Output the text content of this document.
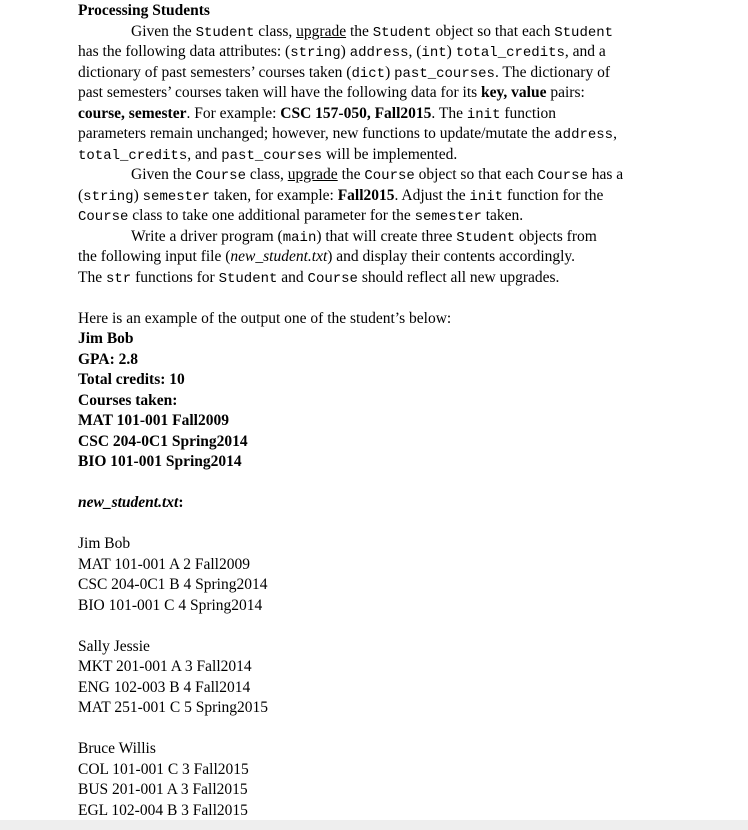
Processing Students
Given the Student class, upgrade the Student object so that each Student
has the following data attributes: (string) address, (int) total_credits, and a
dictionary of past semesters’ courses taken (dict) past_courses. The dictionary of
past semesters’ courses taken will have the following data for its key, value pairs:
course, semester. For example: CSC 157-050, Fall2015. The init function
parameters remain unchanged; however, new functions to update/mutate the address,
total_credits, and past_courses will be implemented.
Given the Course class, upgrade the Course object so that each Course has a
(string) semester taken, for example: Fall2015. Adjust the init function for the
Course class to take one additional parameter for the semester taken.
Write a driver program (main) that will create three Student objects from
the following input file (new_student.txt) and display their contents accordingly.
The str functions for Student and Course should reflect all new upgrades.
Here is an example of the output one of the student’s below:
Jim Bob
GPA: 2.8
Total credits: 10
Courses taken:
MAT 101-001 Fall2009
CSC 204-0C1 Spring2014
BIO 101-001 Spring2014
new_student.txt:
Jim Bob
MAT 101-001 A 2 Fall2009
CSC 204-0C1 B 4 Spring2014
BIO 101-001 C 4 Spring2014
Sally Jessie
MKT 201-001 A 3 Fall2014
ENG 102-003 B 4 Fall2014
MAT 251-001 C 5 Spring2015
Bruce Willis
COL 101-001 C 3 Fall2015
BUS 201-001 A 3 Fall2015
EGL 102-004 B 3 Fall2015
